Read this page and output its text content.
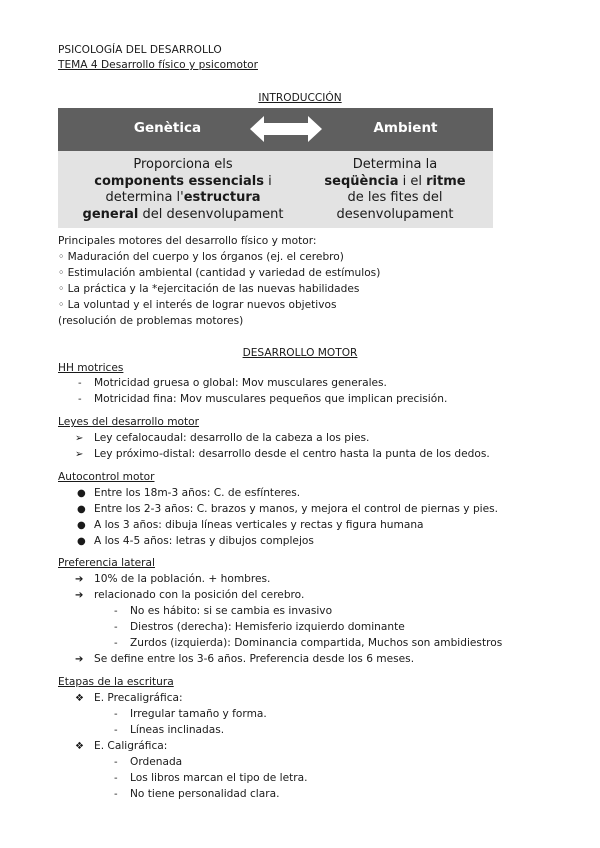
PSICOLOGÍA DEL DESARROLLO
TEMA 4 Desarrollo físico y psicomotor
INTRODUCCIÓN
Genètica	Ambient
Proporciona els
components essencials i
determina l'estructura
general del desenvolupament
Determina la
seqüència i el ritme
de les fites del
desenvolupament
Principales motores del desarrollo físico y motor:
◦ Maduración del cuerpo y los órganos (ej. el cerebro)
◦ Estimulación ambiental (cantidad y variedad de estímulos)
◦ La práctica y la *ejercitación de las nuevas habilidades
◦ La voluntad y el interés de lograr nuevos objetivos
(resolución de problemas motores)
DESARROLLO MOTOR
HH motrices
- Motricidad gruesa o global: Mov musculares generales.
- Motricidad fina: Mov musculares pequeños que implican precisión.
Leyes del desarrollo motor
➢ Ley cefalocaudal: desarrollo de la cabeza a los pies.
➢ Ley próximo-distal: desarrollo desde el centro hasta la punta de los dedos.
Autocontrol motor
● Entre los 18m-3 años: C. de esfínteres.
● Entre los 2-3 años: C. brazos y manos, y mejora el control de piernas y pies.
● A los 3 años: dibuja líneas verticales y rectas y figura humana
● A los 4-5 años: letras y dibujos complejos
Preferencia lateral
➔ 10% de la población. + hombres.
➔ relacionado con la posición del cerebro.
- No es hábito: si se cambia es invasivo
- Diestros (derecha): Hemisferio izquierdo dominante
- Zurdos (izquierda): Dominancia compartida, Muchos son ambidiestros
➔ Se define entre los 3-6 años. Preferencia desde los 6 meses.
Etapas de la escritura
❖ E. Precaligráfica:
- Irregular tamaño y forma.
- Líneas inclinadas.
❖ E. Caligráfica:
- Ordenada
- Los libros marcan el tipo de letra.
- No tiene personalidad clara.
